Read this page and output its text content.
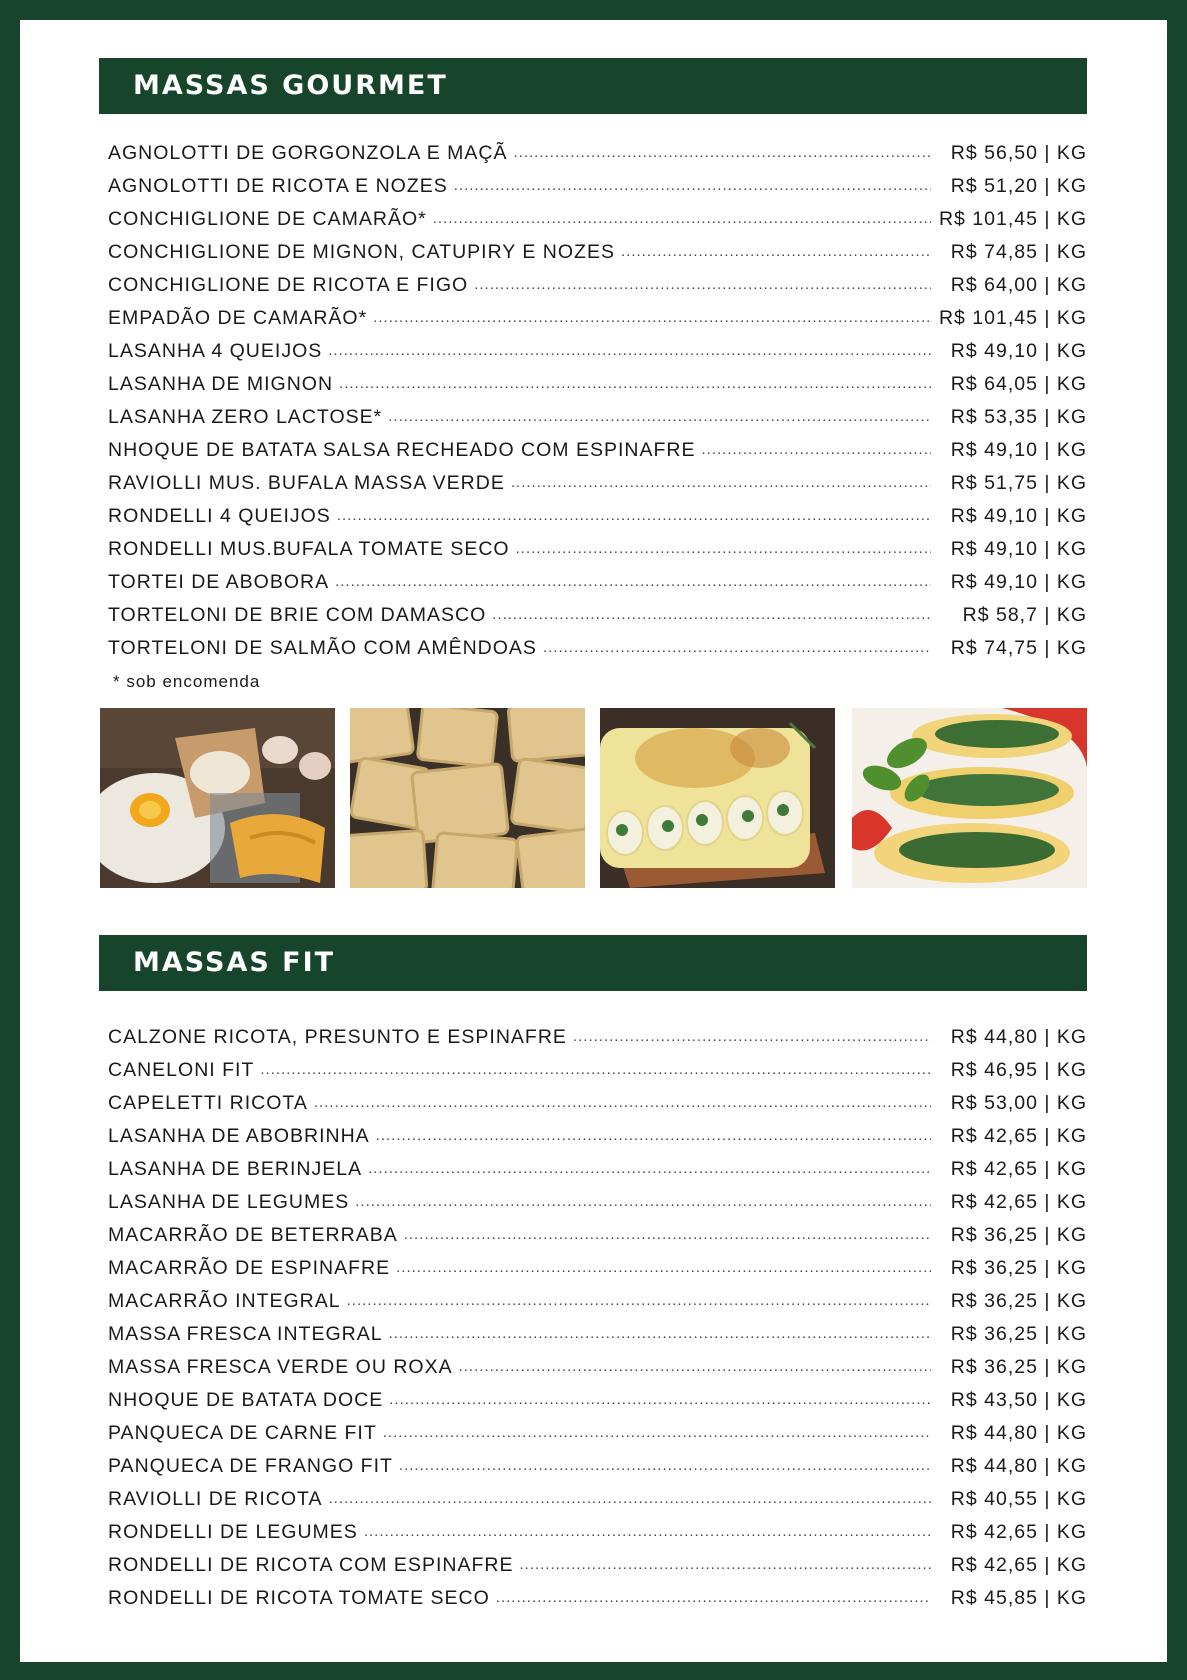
MASSAS GOURMET
AGNOLOTTI DE GORGONZOLA E MAÇÃ .....	R$ 56,50 | KG
AGNOLOTTI DE RICOTA E NOZES .....	R$ 51,20 | KG
CONCHIGLIONE DE CAMARÃO* .....	R$ 101,45 | KG
CONCHIGLIONE DE MIGNON, CATUPIRY E NOZES .....	R$ 74,85 | KG
CONCHIGLIONE DE RICOTA E FIGO .....	R$ 64,00 | KG
EMPADÃO DE CAMARÃO* .....	R$ 101,45 | KG
LASANHA 4 QUEIJOS .....	R$ 49,10 | KG
LASANHA DE MIGNON .....	R$ 64,05 | KG
LASANHA ZERO LACTOSE* .....	R$ 53,35 | KG
NHOQUE DE BATATA SALSA RECHEADO COM ESPINAFRE .....	R$ 49,10 | KG
RAVIOLLI MUS. BUFALA MASSA VERDE .....	R$ 51,75 | KG
RONDELLI 4 QUEIJOS .....	R$ 49,10 | KG
RONDELLI MUS.BUFALA TOMATE SECO .....	R$ 49,10 | KG
TORTEI DE ABOBORA .....	R$ 49,10 | KG
TORTELONI DE BRIE COM DAMASCO .....	R$ 58,7 | KG
TORTELONI DE SALMÃO COM AMÊNDOAS .....	R$ 74,75 | KG
* sob encomenda
MASSAS FIT
CALZONE RICOTA, PRESUNTO E ESPINAFRE .....	R$ 44,80 | KG
CANELONI FIT .....	R$ 46,95 | KG
CAPELETTI RICOTA .....	R$ 53,00 | KG
LASANHA DE ABOBRINHA .....	R$ 42,65 | KG
LASANHA DE BERINJELA .....	R$ 42,65 | KG
LASANHA DE LEGUMES .....	R$ 42,65 | KG
MACARRÃO DE BETERRABA .....	R$ 36,25 | KG
MACARRÃO DE ESPINAFRE .....	R$ 36,25 | KG
MACARRÃO INTEGRAL .....	R$ 36,25 | KG
MASSA FRESCA INTEGRAL .....	R$ 36,25 | KG
MASSA FRESCA VERDE OU ROXA .....	R$ 36,25 | KG
NHOQUE DE BATATA DOCE .....	R$ 43,50 | KG
PANQUECA DE CARNE FIT .....	R$ 44,80 | KG
PANQUECA DE FRANGO FIT .....	R$ 44,80 | KG
RAVIOLLI DE RICOTA .....	R$ 40,55 | KG
RONDELLI DE LEGUMES .....	R$ 42,65 | KG
RONDELLI DE RICOTA COM ESPINAFRE .....	R$ 42,65 | KG
RONDELLI DE RICOTA TOMATE SECO .....	R$ 45,85 | KG
